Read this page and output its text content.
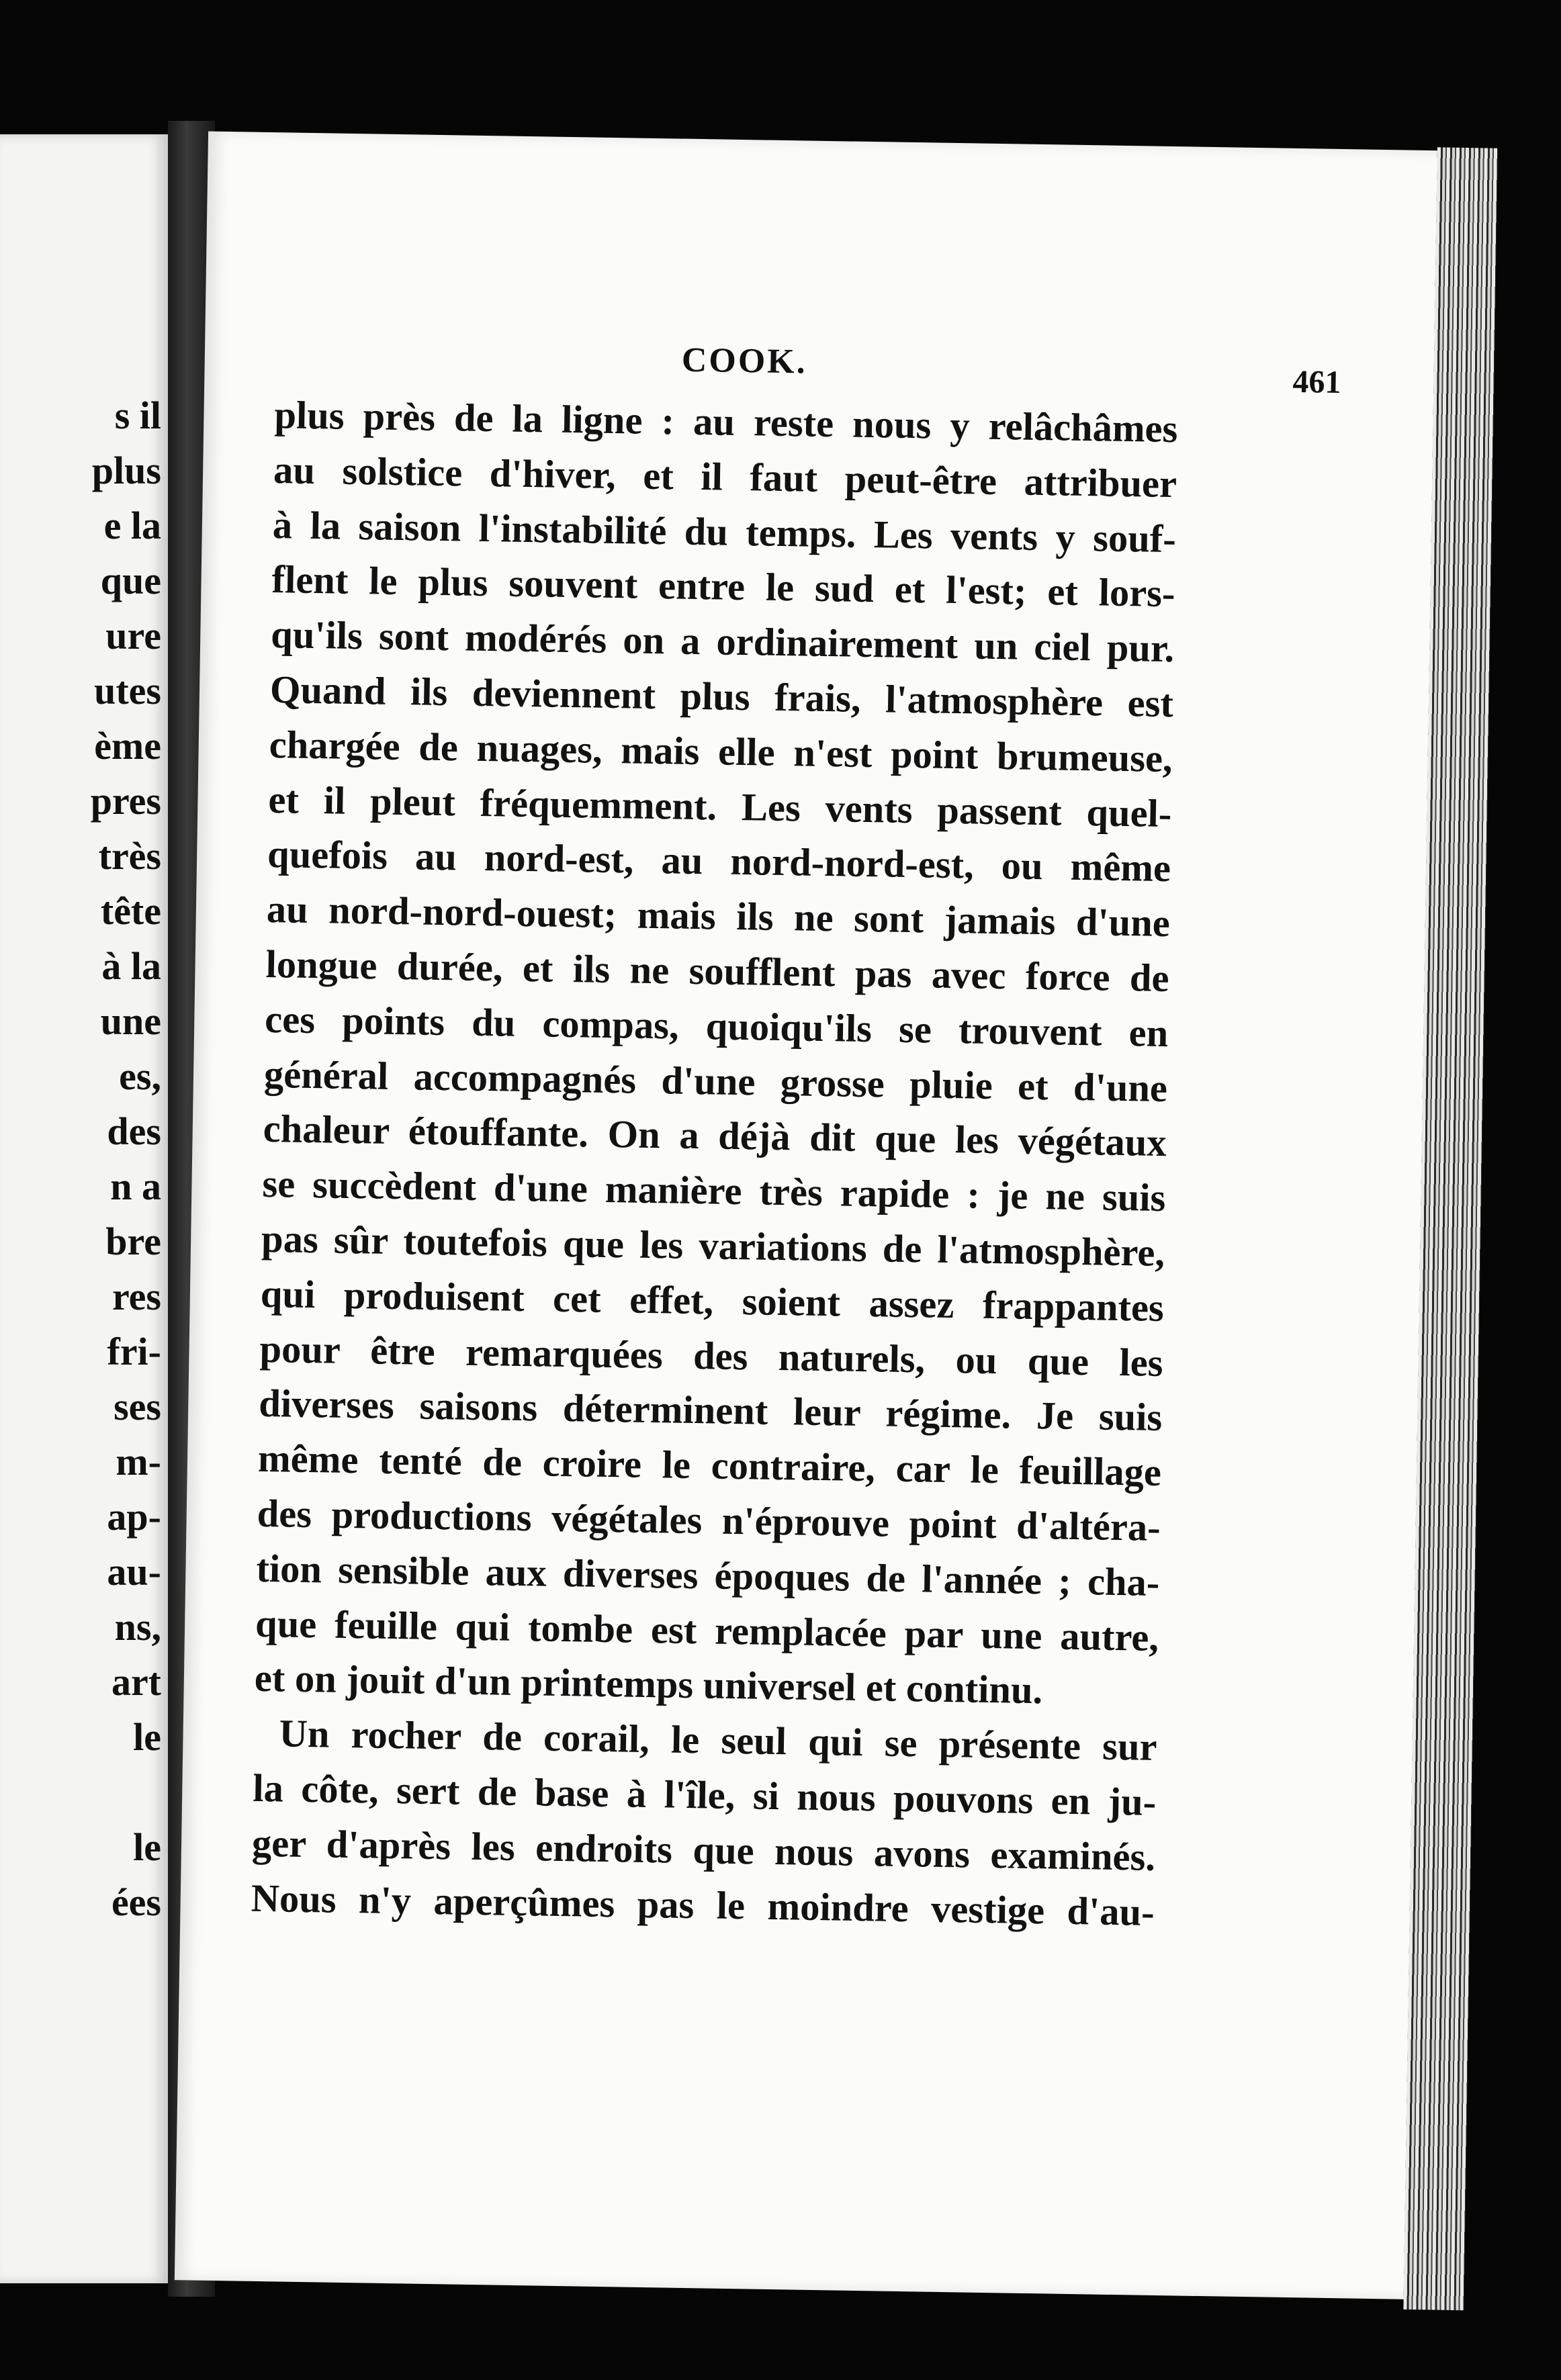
s il
plus
e la
que
ure
utes
ème
pres
très
tête
à la
une
es,
des
n a
bre
res
fri-
ses
m-
ap-
au-
ns,
art
le
le
ées
COOK.
461
plus près de la ligne : au reste nous y relâchâmes
au solstice d'hiver, et il faut peut-être attribuer
à la saison l'instabilité du temps. Les vents y souf-
flent le plus souvent entre le sud et l'est; et lors-
qu'ils sont modérés on a ordinairement un ciel pur.
Quand ils deviennent plus frais, l'atmosphère est
chargée de nuages, mais elle n'est point brumeuse,
et il pleut fréquemment. Les vents passent quel-
quefois au nord-est, au nord-nord-est, ou même
au nord-nord-ouest; mais ils ne sont jamais d'une
longue durée, et ils ne soufflent pas avec force de
ces points du compas, quoiqu'ils se trouvent en
général accompagnés d'une grosse pluie et d'une
chaleur étouffante. On a déjà dit que les végétaux
se succèdent d'une manière très rapide : je ne suis
pas sûr toutefois que les variations de l'atmosphère,
qui produisent cet effet, soient assez frappantes
pour être remarquées des naturels, ou que les
diverses saisons déterminent leur régime. Je suis
même tenté de croire le contraire, car le feuillage
des productions végétales n'éprouve point d'altéra-
tion sensible aux diverses époques de l'année ; cha-
que feuille qui tombe est remplacée par une autre,
et on jouit d'un printemps universel et continu.
Un rocher de corail, le seul qui se présente sur
la côte, sert de base à l'île, si nous pouvons en ju-
ger d'après les endroits que nous avons examinés.
Nous n'y aperçûmes pas le moindre vestige d'au-
